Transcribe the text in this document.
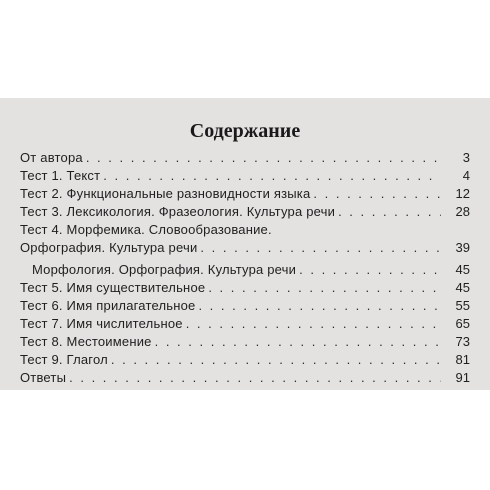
Содержание
От автора . . .	3
Тест 1. Текст . . .	4
Тест 2. Функциональные разновидности языка . . .	12
Тест 3. Лексикология. Фразеология. Культура речи . . .	28
Тест 4. Морфемика. Словообразование.
Орфография. Культура речи . . .	39
Морфология. Орфография. Культура речи . . .	45
Тест 5. Имя существительное . . .	45
Тест 6. Имя прилагательное . . .	55
Тест 7. Имя числительное . . .	65
Тест 8. Местоимение . . .	73
Тест 9. Глагол . . .	81
Ответы . . .	91
